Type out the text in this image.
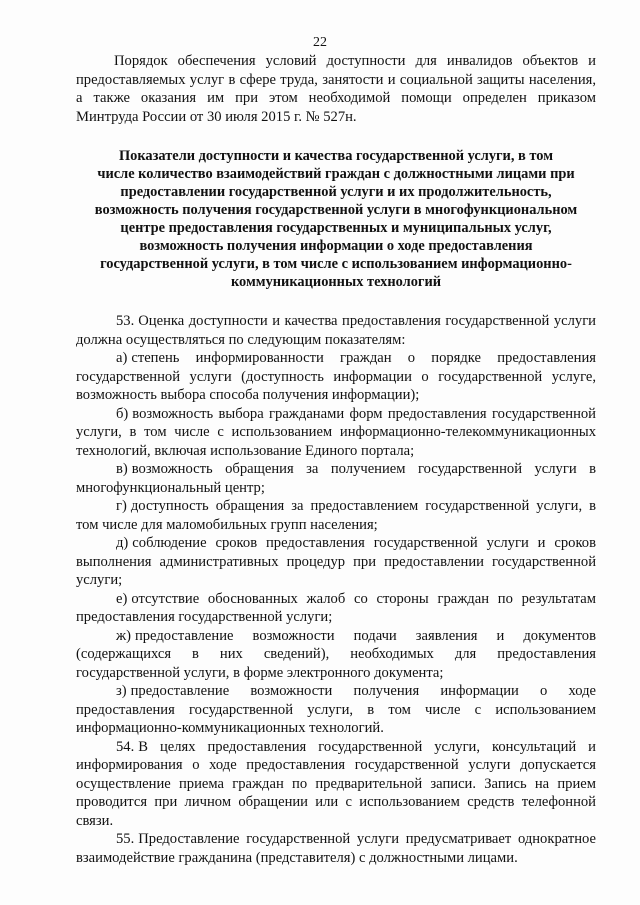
22

Порядок обеспечения условий доступности для инвалидов объектов и предоставляемых услуг в сфере труда, занятости и социальной защиты населения, а также оказания им при этом необходимой помощи определен приказом Минтруда России от 30 июля 2015 г. № 527н.

Показатели доступности и качества государственной услуги, в том
числе количество взаимодействий граждан с должностными лицами при
предоставлении государственной услуги и их продолжительность,
возможность получения государственной услуги в многофункциональном
центре предоставления государственных и муниципальных услуг,
возможность получения информации о ходе предоставления
государственной услуги, в том числе с использованием информационно-
коммуникационных технологий

53. Оценка доступности и качества предоставления государственной услуги должна осуществляться по следующим показателям:

а) степень информированности граждан о порядке предоставления государственной услуги (доступность информации о государственной услуге, возможность выбора способа получения информации);

б) возможность выбора гражданами форм предоставления государственной услуги, в том числе с использованием информационно-телекоммуникационных технологий, включая использование Единого портала;

в) возможность обращения за получением государственной услуги в многофункциональный центр;

г) доступность обращения за предоставлением государственной услуги, в том числе для маломобильных групп населения;

д) соблюдение сроков предоставления государственной услуги и сроков выполнения административных процедур при предоставлении государственной услуги;

е) отсутствие обоснованных жалоб со стороны граждан по результатам предоставления государственной услуги;

ж) предоставление возможности подачи заявления и документов (содержащихся в них сведений), необходимых для предоставления государственной услуги, в форме электронного документа;

з) предоставление возможности получения информации о ходе предоставления государственной услуги, в том числе с использованием информационно-коммуникационных технологий.

54. В целях предоставления государственной услуги, консультаций и информирования о ходе предоставления государственной услуги допускается осуществление приема граждан по предварительной записи. Запись на прием проводится при личном обращении или с использованием средств телефонной связи.

55. Предоставление государственной услуги предусматривает однократное взаимодействие гражданина (представителя) с должностными лицами.
